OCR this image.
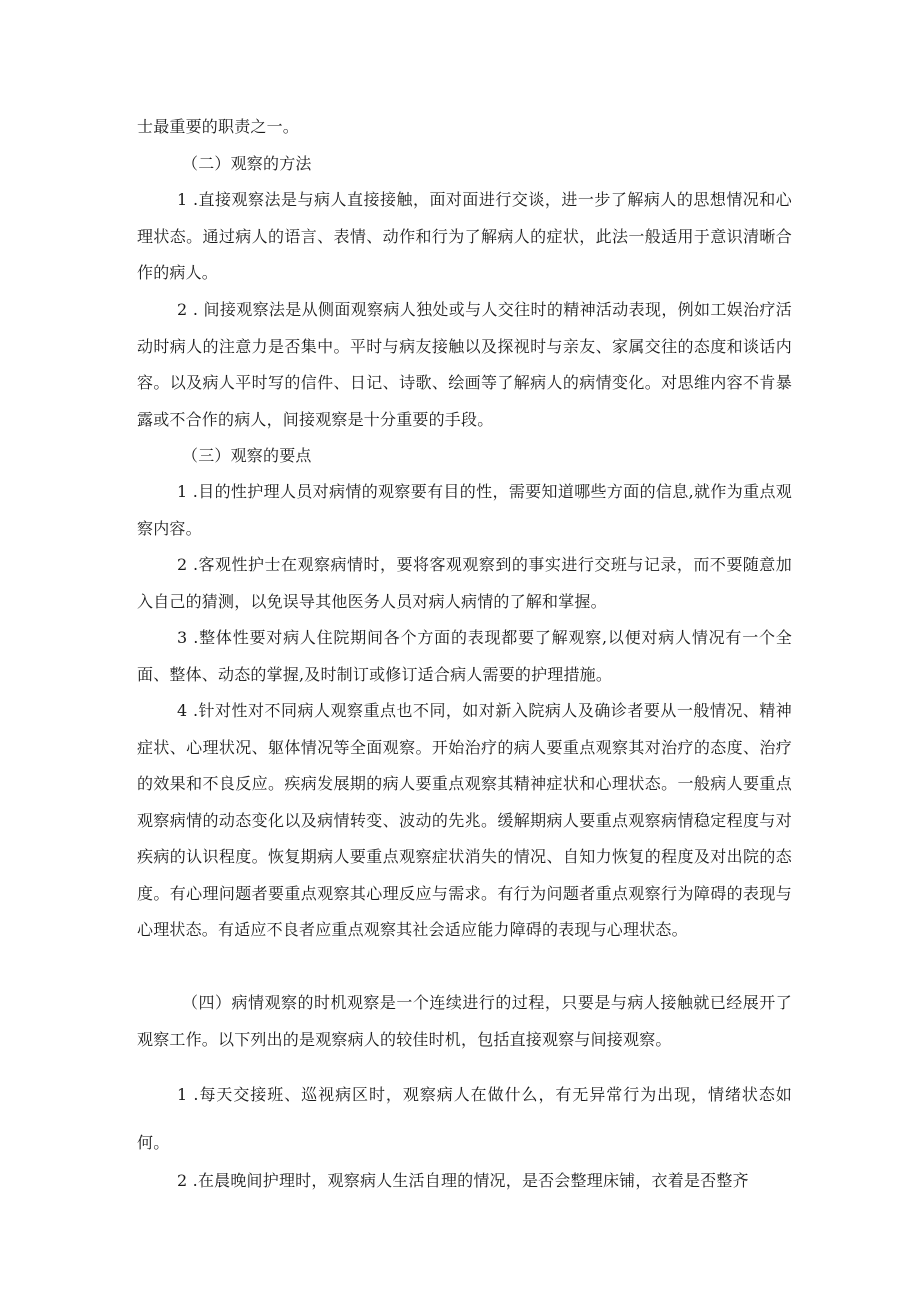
士最重要的职责之一。

（二）观察的方法

1 .直接观察法是与病人直接接触，面对面进行交谈，进一步了解病人的思想情况和心理状态。通过病人的语言、表情、动作和行为了解病人的症状，此法一般适用于意识清晰合作的病人。

2 . 间接观察法是从侧面观察病人独处或与人交往时的精神活动表现，例如工娱治疗活动时病人的注意力是否集中。平时与病友接触以及探视时与亲友、家属交往的态度和谈话内容。以及病人平时写的信件、日记、诗歌、绘画等了解病人的病情变化。对思维内容不肯暴露或不合作的病人，间接观察是十分重要的手段。

（三）观察的要点

1 .目的性护理人员对病情的观察要有目的性，需要知道哪些方面的信息,就作为重点观察内容。

2 .客观性护士在观察病情时，要将客观观察到的事实进行交班与记录，而不要随意加入自己的猜测，以免误导其他医务人员对病人病情的了解和掌握。

3 .整体性要对病人住院期间各个方面的表现都要了解观察,以便对病人情况有一个全面、整体、动态的掌握,及时制订或修订适合病人需要的护理措施。

4 .针对性对不同病人观察重点也不同，如对新入院病人及确诊者要从一般情况、精神症状、心理状况、躯体情况等全面观察。开始治疗的病人要重点观察其对治疗的态度、治疗的效果和不良反应。疾病发展期的病人要重点观察其精神症状和心理状态。一般病人要重点观察病情的动态变化以及病情转变、波动的先兆。缓解期病人要重点观察病情稳定程度与对疾病的认识程度。恢复期病人要重点观察症状消失的情况、自知力恢复的程度及对出院的态度。有心理问题者要重点观察其心理反应与需求。有行为问题者重点观察行为障碍的表现与心理状态。有适应不良者应重点观察其社会适应能力障碍的表现与心理状态。

（四）病情观察的时机观察是一个连续进行的过程，只要是与病人接触就已经展开了观察工作。以下列出的是观察病人的较佳时机，包括直接观察与间接观察。

1 .每天交接班、巡视病区时，观察病人在做什么，有无异常行为出现，情绪状态如何。

2 .在晨晚间护理时，观察病人生活自理的情况，是否会整理床铺，衣着是否整齐
